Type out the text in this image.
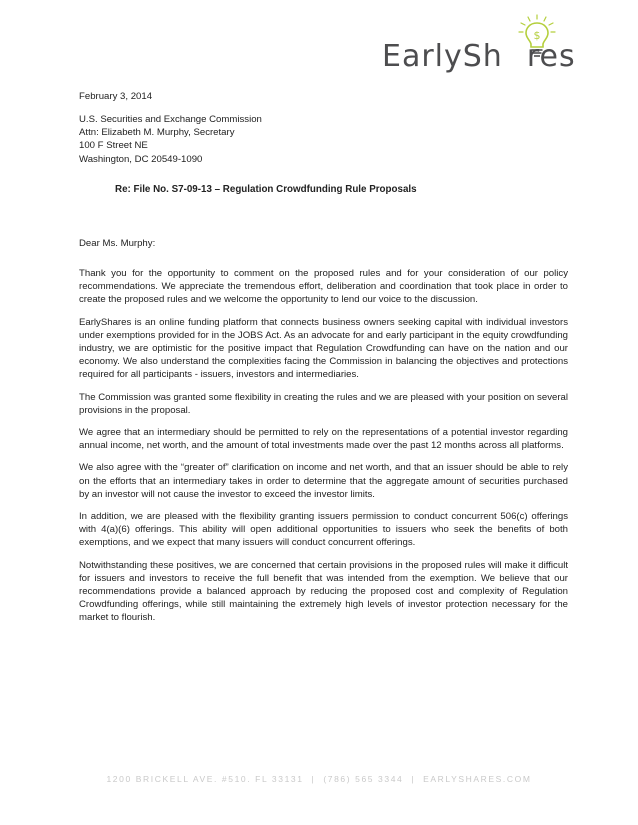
$
EarlySh res
February 3, 2014
U.S. Securities and Exchange Commission
Attn: Elizabeth M. Murphy, Secretary
100 F Street NE
Washington, DC 20549-1090
Re: File No. S7-09-13 – Regulation Crowdfunding Rule Proposals
Dear Ms. Murphy:

Thank you for the opportunity to comment on the proposed rules and for your consideration of our policy recommendations. We appreciate the tremendous effort, deliberation and coordination that took place in order to create the proposed rules and we welcome the opportunity to lend our voice to the discussion.

EarlyShares is an online funding platform that connects business owners seeking capital with individual investors under exemptions provided for in the JOBS Act. As an advocate for and early participant in the equity crowdfunding industry, we are optimistic for the positive impact that Regulation Crowdfunding can have on the nation and our economy. We also understand the complexities facing the Commission in balancing the objectives and protections required for all participants - issuers, investors and intermediaries.

The Commission was granted some flexibility in creating the rules and we are pleased with your position on several provisions in the proposal.

We agree that an intermediary should be permitted to rely on the representations of a potential investor regarding annual income, net worth, and the amount of total investments made over the past 12 months across all platforms.

We also agree with the “greater of” clarification on income and net worth, and that an issuer should be able to rely on the efforts that an intermediary takes in order to determine that the aggregate amount of securities purchased by an investor will not cause the investor to exceed the investor limits.

In addition, we are pleased with the flexibility granting issuers permission to conduct concurrent 506(c) offerings with 4(a)(6) offerings. This ability will open additional opportunities to issuers who seek the benefits of both exemptions, and we expect that many issuers will conduct concurrent offerings.

Notwithstanding these positives, we are concerned that certain provisions in the proposed rules will make it difficult for issuers and investors to receive the full benefit that was intended from the exemption. We believe that our recommendations provide a balanced approach by reducing the proposed cost and complexity of Regulation Crowdfunding offerings, while still maintaining the extremely high levels of investor protection necessary for the market to flourish.

1200 BRICKELL AVE. #510. FL 33131 | (786) 565 3344 | EARLYSHARES.COM
